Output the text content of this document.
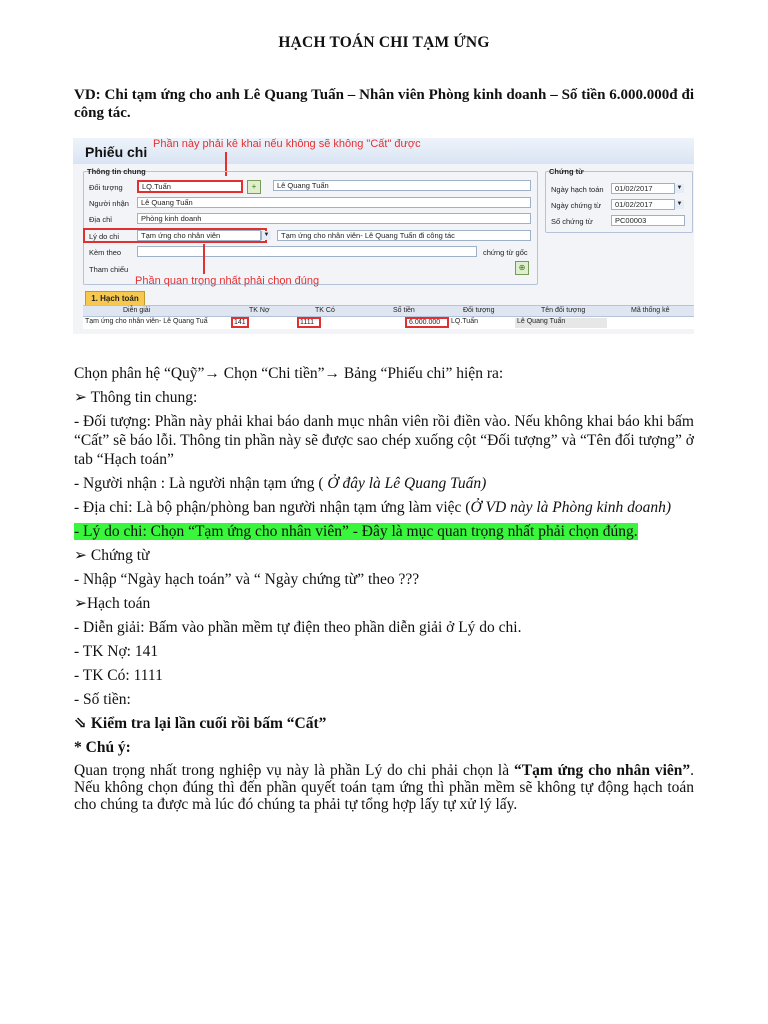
HẠCH TOÁN CHI TẠM ỨNG
VD: Chi tạm ứng cho anh Lê Quang Tuấn – Nhân viên Phòng kinh doanh – Số tiền 6.000.000đ đi công tác.
Phiếu chi Phần này phải kê khai nếu không sẽ không "Cất" được
Thông tin chung
Đối tượng	LQ.Tuấn	+	Lê Quang Tuấn
Người nhận	Lê Quang Tuấn
Địa chỉ	Phòng kinh doanh
Lý do chi	Tạm ứng cho nhân viên	▼	Tạm ứng cho nhân viên- Lê Quang Tuấn đi công tác
Kèm theo	chứng từ gốc
Tham chiếu	⊕
Phần quan trọng nhất phải chọn đúng
Chứng từ
Ngày hạch toán	01/02/2017	▼
Ngày chứng từ	01/02/2017	▼
Số chứng từ	PC00003
1. Hạch toán
Diễn giải	TK Nợ	TK Có	Số tiền	Đối tượng	Tên đối tượng	Mã thống kê
Tạm ứng cho nhân viên- Lê Quang Tuấ	141	1111	6.000.000	LQ.Tuấn	Lê Quang Tuấn

Chọn phân hệ “Quỹ”→ Chọn “Chi tiền”→ Bảng “Phiếu chi” hiện ra:

➢ Thông tin chung:

- Đối tượng: Phần này phải khai báo danh mục nhân viên rồi điền vào. Nếu không khai báo khi bấm “Cất” sẽ báo lỗi. Thông tin phần này sẽ được sao chép xuống cột “Đối tượng” và “Tên đối tượng” ở tab “Hạch toán”

- Người nhận : Là người nhận tạm ứng ( Ở đây là Lê Quang Tuấn)

- Địa chỉ: Là bộ phận/phòng ban người nhận tạm ứng làm việc (Ở VD này là Phòng kinh doanh)

- Lý do chi: Chọn “Tạm ứng cho nhân viên” - Đây là mục quan trọng nhất phải chọn đúng.

➢ Chứng từ

- Nhập “Ngày hạch toán” và “ Ngày chứng từ” theo ???

➢Hạch toán

- Diễn giải: Bấm vào phần mềm tự điện theo phần diễn giải ở Lý do chi.

- TK Nợ: 141

- TK Có: 1111

- Số tiền:

⇘ Kiểm tra lại lần cuối rồi bấm “Cất”

* Chú ý:

Quan trọng nhất trong nghiệp vụ này là phần Lý do chi phải chọn là “Tạm ứng cho nhân viên”. Nếu không chọn đúng thì đến phần quyết toán tạm ứng thì phần mềm sẽ không tự động hạch toán cho chúng ta được mà lúc đó chúng ta phải tự tổng hợp lấy tự xử lý lấy.
